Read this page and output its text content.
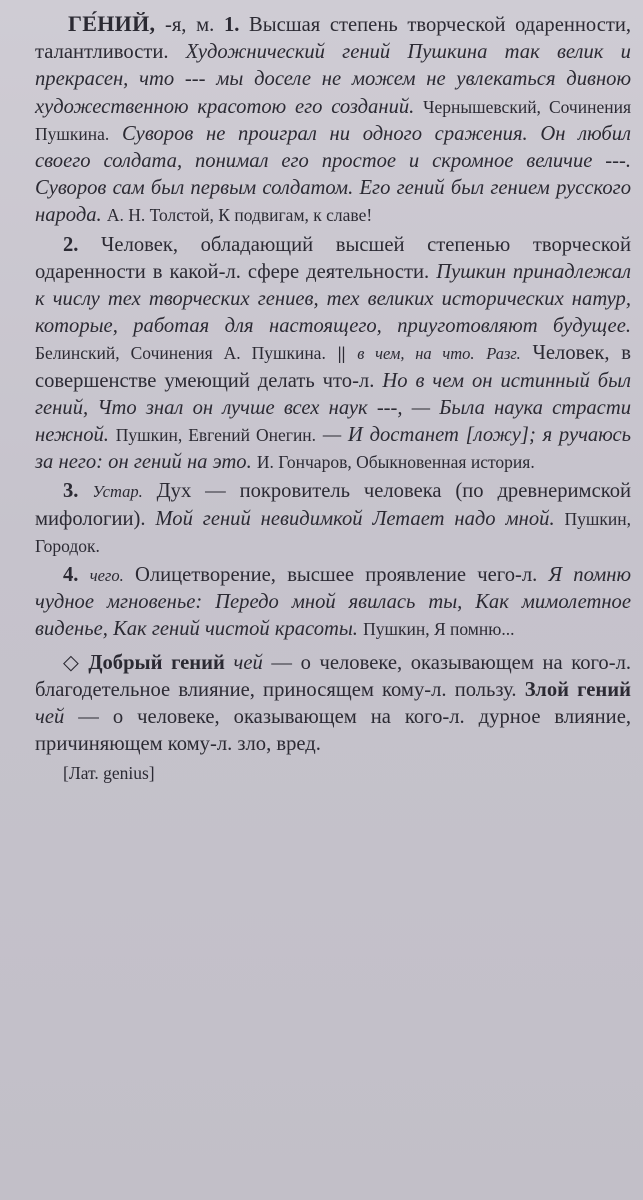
ГЕ́НИЙ, -я, м. 1. Высшая степень творческой одаренности, талантливости. Художнический гений Пушкина так велик и прекрасен, что --- мы доселе не можем не увлекаться дивною художественною красотою его созданий. Чернышевский, Сочинения Пушкина. Суворов не проиграл ни одного сражения. Он любил своего солдата, понимал его простое и скромное величие ---. Суворов сам был первым солдатом. Его гений был гением русского народа. А. Н. Толстой, К подвигам, к славе!

2. Человек, обладающий высшей степенью творческой одаренности в какой-л. сфере деятельности. Пушкин принадлежал к числу тех творческих гениев, тех великих исторических натур, которые, работая для настоящего, приуготовляют будущее. Белинский, Сочинения А. Пушкина. || в чем, на что. Разг. Человек, в совершенстве умеющий делать что-л. Но в чем он истинный был гений, Что знал он лучше всех наук ---, — Была наука страсти нежной. Пушкин, Евгений Онегин. — И достанет [ложу]; я ручаюсь за него: он гений на это. И. Гончаров, Обыкновенная история.

3. Устар. Дух — покровитель человека (по древнеримской мифологии). Мой гений невидимкой Летает надо мной. Пушкин, Городок.

4. чего. Олицетворение, высшее проявление чего-л. Я помню чудное мгновенье: Передо мной явилась ты, Как мимолетное виденье, Как гений чистой красоты. Пушкин, Я помню...

◇ Добрый гений чей — о человеке, оказывающем на кого-л. благодетельное влияние, приносящем кому-л. пользу. Злой гений чей — о человеке, оказывающем на кого-л. дурное влияние, причиняющем кому-л. зло, вред.

[Лат. genius]
